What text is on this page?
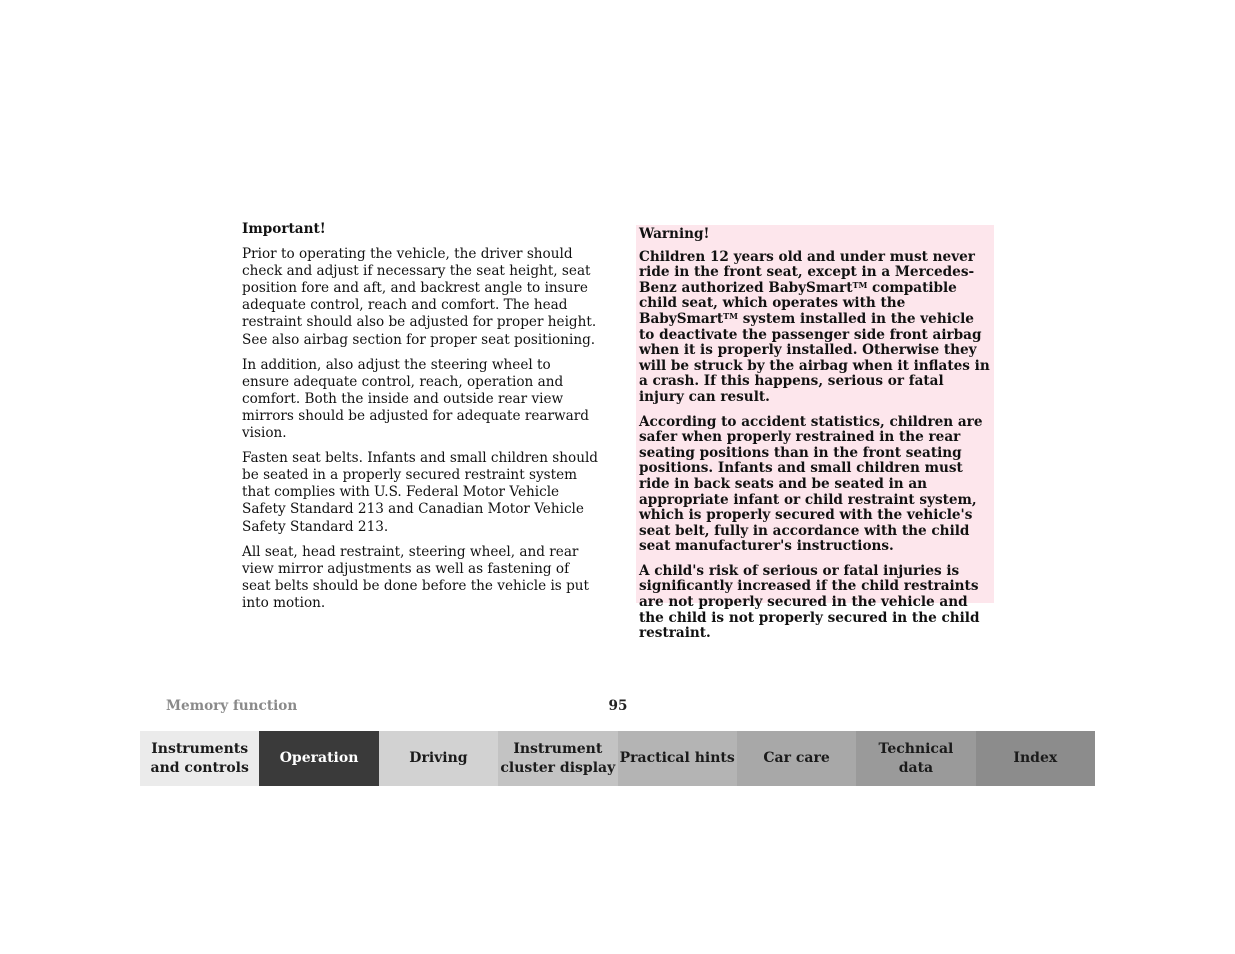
Important!

Prior to operating the vehicle, the driver should check and adjust if necessary the seat height, seat position fore and aft, and backrest angle to insure adequate control, reach and comfort. The head restraint should also be adjusted for proper height. See also airbag section for proper seat positioning.

In addition, also adjust the steering wheel to ensure adequate control, reach, operation and comfort. Both the inside and outside rear view mirrors should be adjusted for adequate rearward vision.

Fasten seat belts. Infants and small children should be seated in a properly secured restraint system that complies with U.S. Federal Motor Vehicle Safety Standard 213 and Canadian Motor Vehicle Safety Standard 213.

All seat, head restraint, steering wheel, and rear view mirror adjustments as well as fastening of seat belts should be done before the vehicle is put into motion.

Warning!

Children 12 years old and under must never ride in the front seat, except in a Mercedes-Benz authorized BabySmart™ compatible child seat, which operates with the BabySmart™ system installed in the vehicle to deactivate the passenger side front airbag when it is properly installed. Otherwise they will be struck by the airbag when it inflates in a crash. If this happens, serious or fatal injury can result.

According to accident statistics, children are safer when properly restrained in the rear seating positions than in the front seating positions. Infants and small children must ride in back seats and be seated in an appropriate infant or child restraint system, which is properly secured with the vehicle's seat belt, fully in accordance with the child seat manufacturer's instructions.

A child's risk of serious or fatal injuries is significantly increased if the child restraints are not properly secured in the vehicle and the child is not properly secured in the child restraint.

Memory function	95
Instruments
and controls
Operation	Driving
Instrument
cluster display
Practical hints	Car care
Technical
data
Index
